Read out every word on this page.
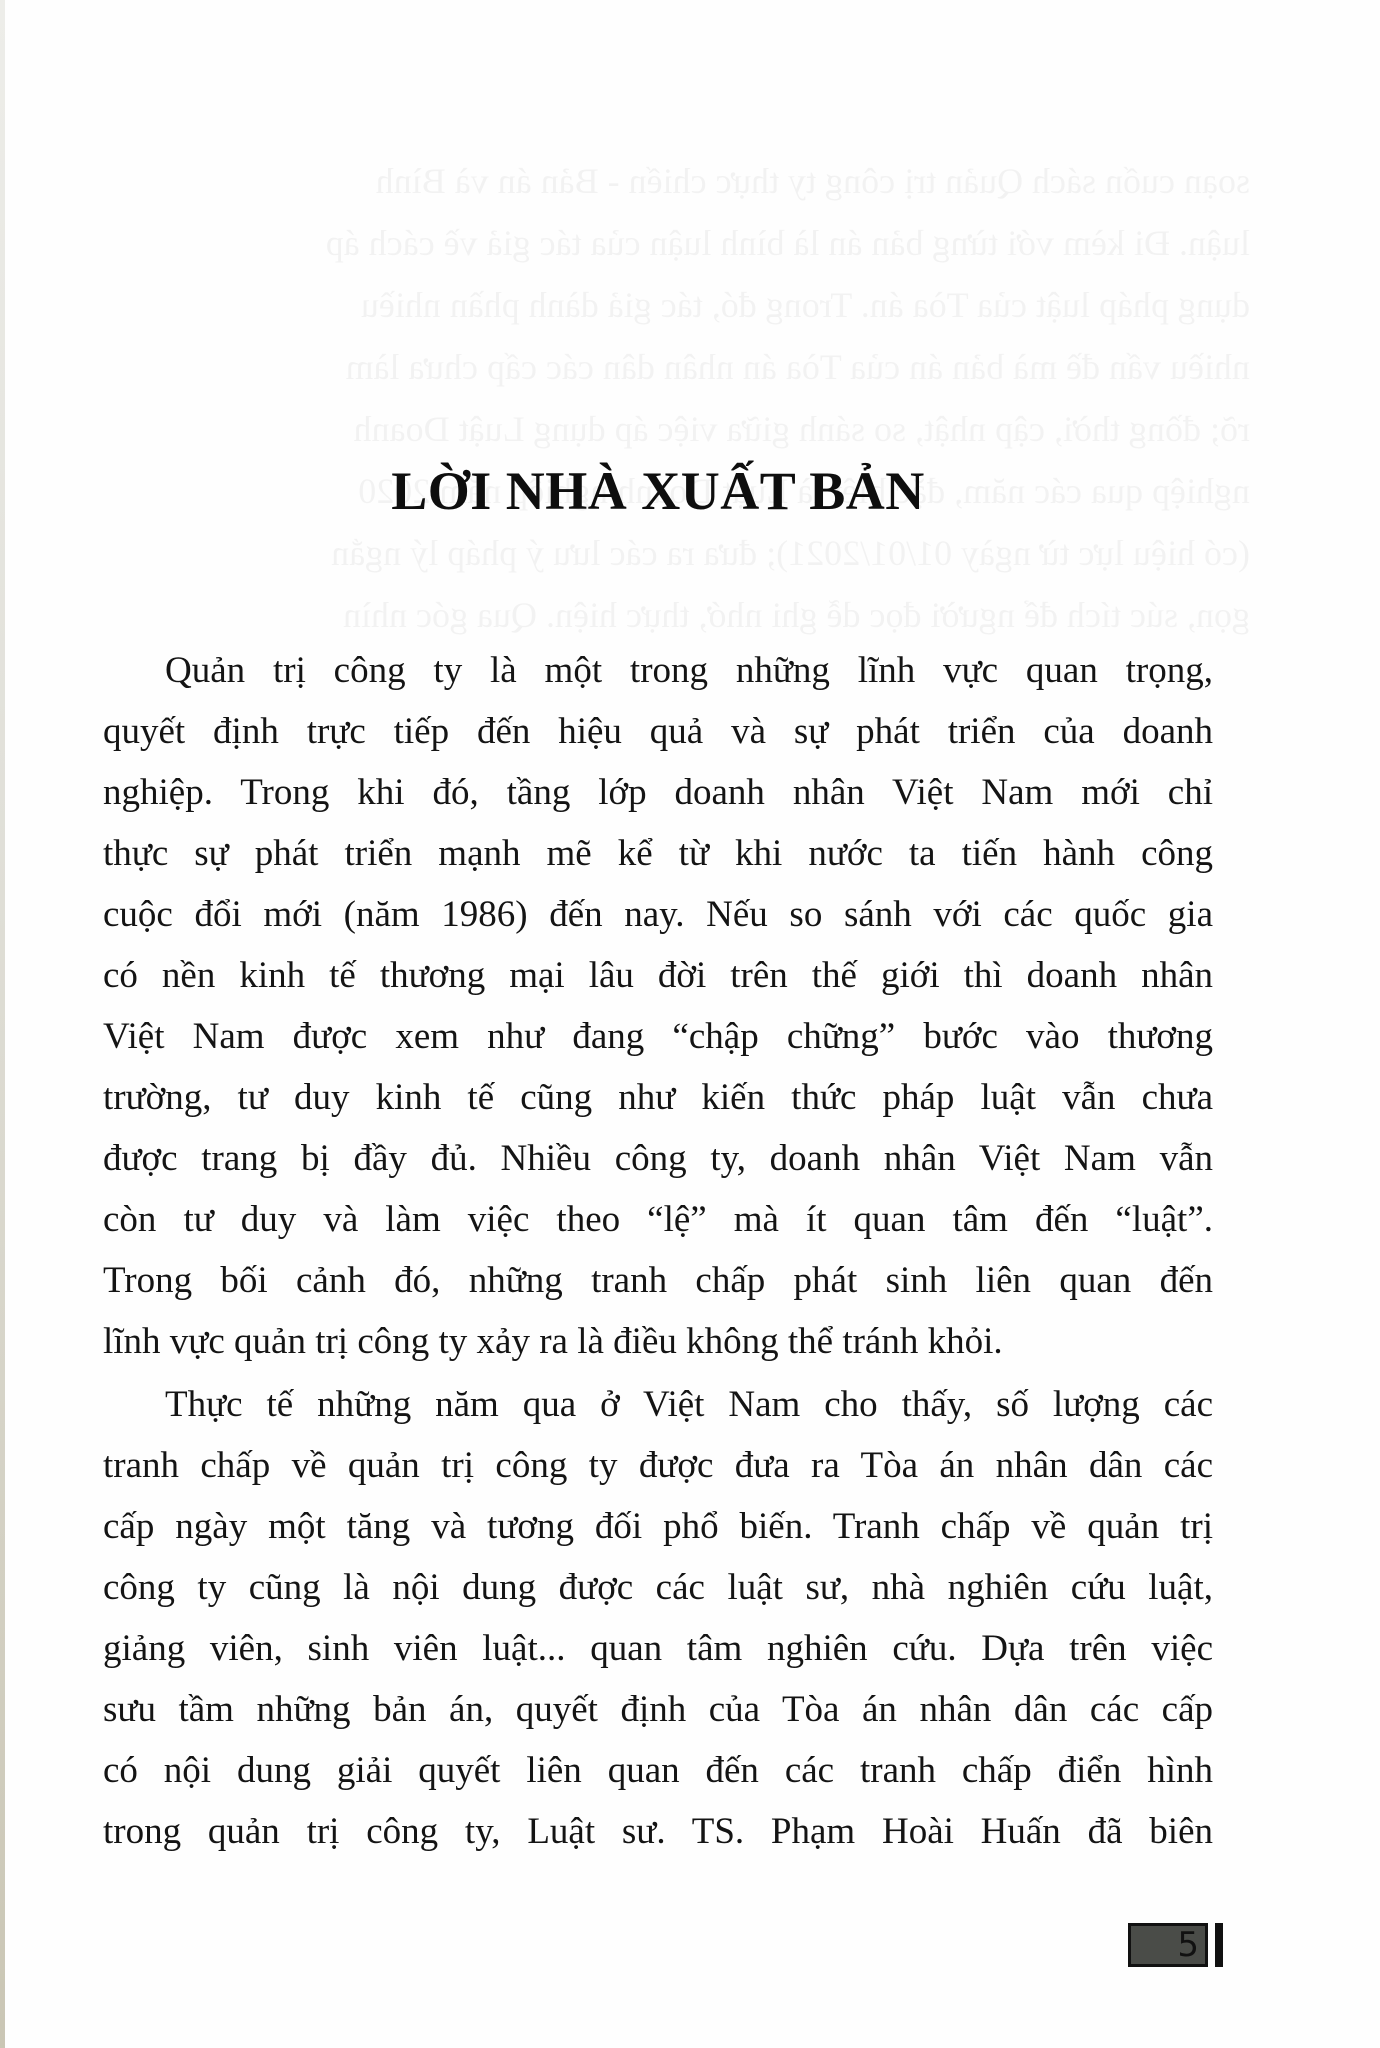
LỜI NHÀ XUẤT BẢN
Quản trị công ty là một trong những lĩnh vực quan trọng,
quyết định trực tiếp đến hiệu quả và sự phát triển của doanh
nghiệp. Trong khi đó, tầng lớp doanh nhân Việt Nam mới chỉ
thực sự phát triển mạnh mẽ kể từ khi nước ta tiến hành công
cuộc đổi mới (năm 1986) đến nay. Nếu so sánh với các quốc gia
có nền kinh tế thương mại lâu đời trên thế giới thì doanh nhân
Việt Nam được xem như đang “chập chững” bước vào thương
trường, tư duy kinh tế cũng như kiến thức pháp luật vẫn chưa
được trang bị đầy đủ. Nhiều công ty, doanh nhân Việt Nam vẫn
còn tư duy và làm việc theo “lệ” mà ít quan tâm đến “luật”.
Trong bối cảnh đó, những tranh chấp phát sinh liên quan đến
lĩnh vực quản trị công ty xảy ra là điều không thể tránh khỏi.
Thực tế những năm qua ở Việt Nam cho thấy, số lượng các
tranh chấp về quản trị công ty được đưa ra Tòa án nhân dân các
cấp ngày một tăng và tương đối phổ biến. Tranh chấp về quản trị
công ty cũng là nội dung được các luật sư, nhà nghiên cứu luật,
giảng viên, sinh viên luật... quan tâm nghiên cứu. Dựa trên việc
sưu tầm những bản án, quyết định của Tòa án nhân dân các cấp
có nội dung giải quyết liên quan đến các tranh chấp điển hình
trong quản trị công ty, Luật sư. TS. Phạm Hoài Huấn đã biên
5
